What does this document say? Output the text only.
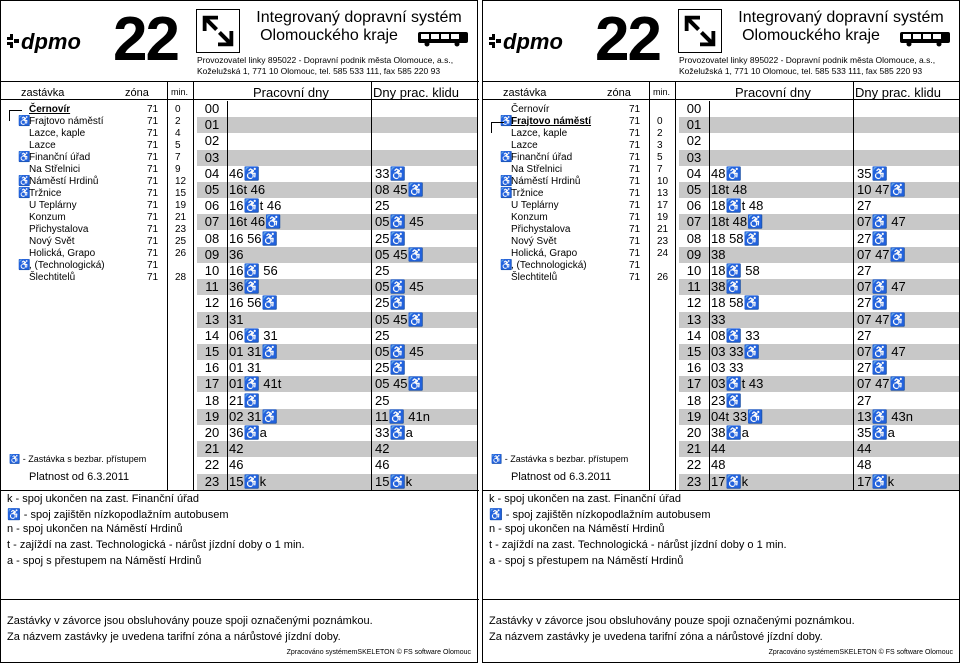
dpmo 22	Integrovaný dopravní systém
Olomouckého kraje
Provozovatel linky 895022 - Dopravní podnik města Olomouce, a.s.,
Koželužská 1, 771 10 Olomouc, tel. 585 533 111, fax 585 220 93
zastávka	zóna min.	Pracovní dny	Dny prac. klidu
Černovír	71 0
♿
Frajtovo náměstí	71 2
Lazce, kaple	71 4
Lazce	71 5
♿
Finanční úřad	71 7
Na Střelnici	71 9
♿
Náměstí Hrdinů	71 12
♿
Tržnice	71 15
U Teplárny	71 19
Konzum	71 21
Přichystalova	71 23
Nový Svět	71 25
Holická, Grapo	71 26
♿
, (Technologická)	71
Šlechtitelů	71 28
00
01
02
03
04 46♿	33♿
05 16t 46	08 45♿
06 16♿t 46	25
07 16t 46♿	05♿ 45
08 16 56♿	25♿
09 36	05 45♿
10 16♿ 56	25
11 36♿	05♿ 45
12 16 56♿	25♿
13 31	05 45♿
14 06♿ 31	25
15 01 31♿	05♿ 45
16 01 31	25♿
17 01♿ 41t	05 45♿
18 21♿	25
19 02 31♿	11♿ 41n
20 36♿a	33♿a
21 42	42
22 46	46
23 15♿k	15♿k
♿ - Zastávka s bezbar. přístupem
Platnost od 6.3.2011
k - spoj ukončen na zast. Finanční úřad
♿ - spoj zajištěn nízkopodlažním autobusem
n - spoj ukončen na Náměstí Hrdinů
t - zajíždí na zast. Technologická - nárůst jízdní doby o 1 min.
a - spoj s přestupem na Náměstí Hrdinů
Zastávky v závorce jsou obsluhovány pouze spoji označenými poznámkou.
Za názvem zastávky je uvedena tarifní zóna a nárůstové jízdní doby.
Zpracováno systémemSKELETON © FS software Olomouc
dpmo 22	Integrovaný dopravní systém
Olomouckého kraje
Provozovatel linky 895022 - Dopravní podnik města Olomouce, a.s.,
Koželužská 1, 771 10 Olomouc, tel. 585 533 111, fax 585 220 93
zastávka	zóna min.	Pracovní dny	Dny prac. klidu
Černovír	71
♿
Frajtovo náměstí	71 0
Lazce, kaple	71 2
Lazce	71 3
♿
Finanční úřad	71 5
Na Střelnici	71 7
♿
Náměstí Hrdinů	71 10
♿
Tržnice	71 13
U Teplárny	71 17
Konzum	71 19
Přichystalova	71 21
Nový Svět	71 23
Holická, Grapo	71 24
♿
, (Technologická)	71
Šlechtitelů	71 26
00
01
02
03
04 48♿	35♿
05 18t 48	10 47♿
06 18♿t 48	27
07 18t 48♿	07♿ 47
08 18 58♿	27♿
09 38	07 47♿
10 18♿ 58	27
11 38♿	07♿ 47
12 18 58♿	27♿
13 33	07 47♿
14 08♿ 33	27
15 03 33♿	07♿ 47
16 03 33	27♿
17 03♿t 43	07 47♿
18 23♿	27
19 04t 33♿	13♿ 43n
20 38♿a	35♿a
21 44	44
22 48	48
23 17♿k	17♿k
♿ - Zastávka s bezbar. přístupem
Platnost od 6.3.2011
k - spoj ukončen na zast. Finanční úřad
♿ - spoj zajištěn nízkopodlažním autobusem
n - spoj ukončen na Náměstí Hrdinů
t - zajíždí na zast. Technologická - nárůst jízdní doby o 1 min.
a - spoj s přestupem na Náměstí Hrdinů
Zastávky v závorce jsou obsluhovány pouze spoji označenými poznámkou.
Za názvem zastávky je uvedena tarifní zóna a nárůstové jízdní doby.
Zpracováno systémemSKELETON © FS software Olomouc
